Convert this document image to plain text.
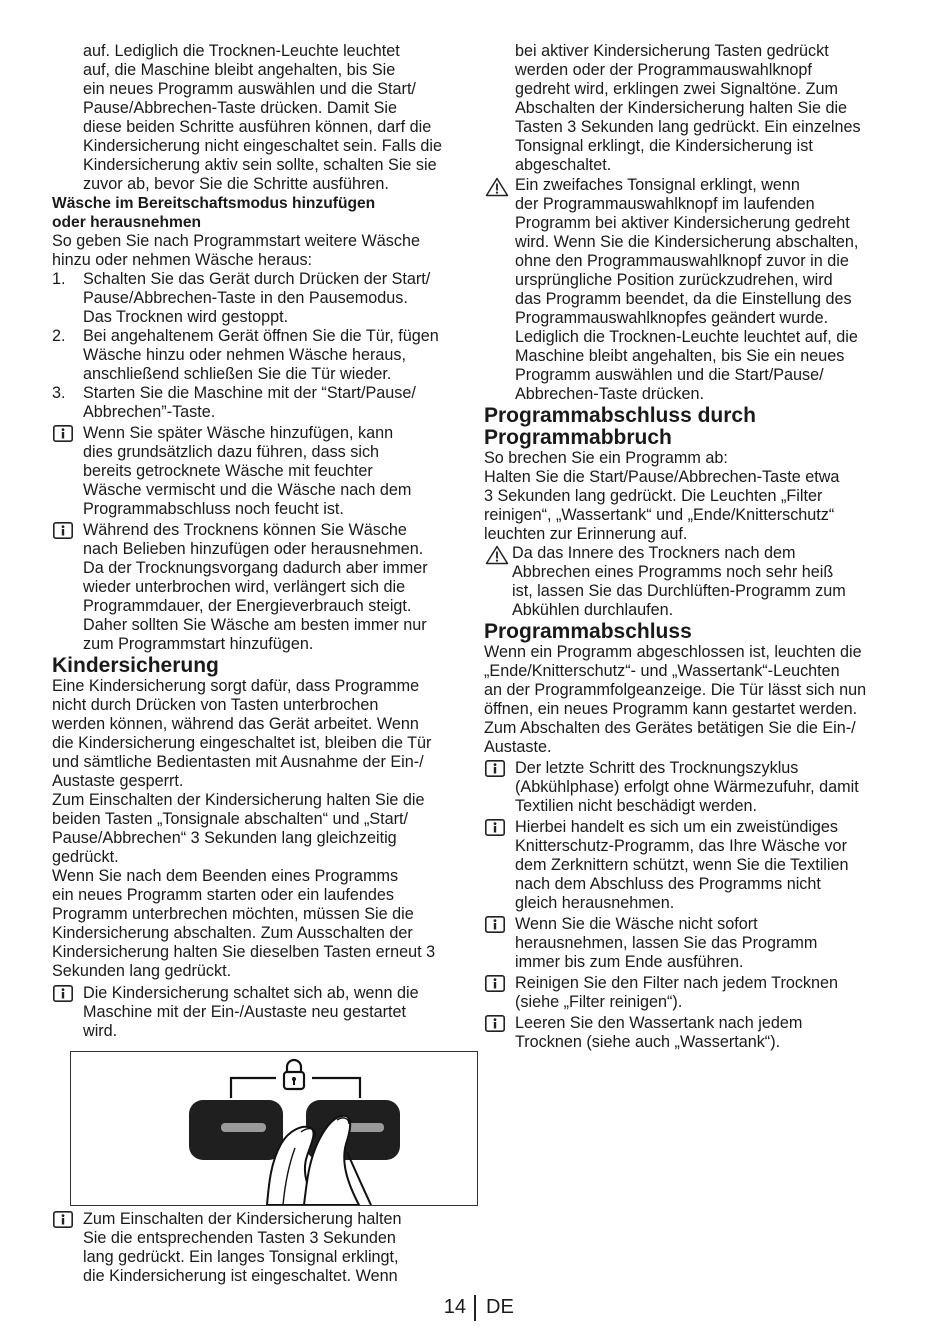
auf. Lediglich die Trocknen-Leuchte leuchtet
auf, die Maschine bleibt angehalten, bis Sie
ein neues Programm auswählen und die Start/
Pause/Abbrechen-Taste drücken. Damit Sie
diese beiden Schritte ausführen können, darf die
Kindersicherung nicht eingeschaltet sein. Falls die
Kindersicherung aktiv sein sollte, schalten Sie sie
zuvor ab, bevor Sie die Schritte ausführen.
Wäsche im Bereitschaftsmodus hinzufügen
oder herausnehmen
So geben Sie nach Programmstart weitere Wäsche
hinzu oder nehmen Wäsche heraus:
1.	Schalten Sie das Gerät durch Drücken der Start/
Pause/Abbrechen-Taste in den Pausemodus.
Das Trocknen wird gestoppt.
2.	Bei angehaltenem Gerät öffnen Sie die Tür, fügen
Wäsche hinzu oder nehmen Wäsche heraus,
anschließend schließen Sie die Tür wieder.
3.	Starten Sie die Maschine mit der “Start/Pause/
Abbrechen”-Taste.
Wenn Sie später Wäsche hinzufügen, kann
dies grundsätzlich dazu führen, dass sich
bereits getrocknete Wäsche mit feuchter
Wäsche vermischt und die Wäsche nach dem
Programmabschluss noch feucht ist.
Während des Trocknens können Sie Wäsche
nach Belieben hinzufügen oder herausnehmen.
Da der Trocknungsvorgang dadurch aber immer
wieder unterbrochen wird, verlängert sich die
Programmdauer, der Energieverbrauch steigt.
Daher sollten Sie Wäsche am besten immer nur
zum Programmstart hinzufügen.
Kindersicherung
Eine Kindersicherung sorgt dafür, dass Programme
nicht durch Drücken von Tasten unterbrochen
werden können, während das Gerät arbeitet. Wenn
die Kindersicherung eingeschaltet ist, bleiben die Tür
und sämtliche Bedientasten mit Ausnahme der Ein-/
Austaste gesperrt.
Zum Einschalten der Kindersicherung halten Sie die
beiden Tasten „Tonsignale abschalten“ und „Start/
Pause/Abbrechen“ 3 Sekunden lang gleichzeitig
gedrückt.
Wenn Sie nach dem Beenden eines Programms
ein neues Programm starten oder ein laufendes
Programm unterbrechen möchten, müssen Sie die
Kindersicherung abschalten. Zum Ausschalten der
Kindersicherung halten Sie dieselben Tasten erneut 3
Sekunden lang gedrückt.
Die Kindersicherung schaltet sich ab, wenn die
Maschine mit der Ein-/Austaste neu gestartet
wird.
Zum Einschalten der Kindersicherung halten
Sie die entsprechenden Tasten 3 Sekunden
lang gedrückt. Ein langes Tonsignal erklingt,
die Kindersicherung ist eingeschaltet. Wenn
bei aktiver Kindersicherung Tasten gedrückt
werden oder der Programmauswahlknopf
gedreht wird, erklingen zwei Signaltöne. Zum
Abschalten der Kindersicherung halten Sie die
Tasten 3 Sekunden lang gedrückt. Ein einzelnes
Tonsignal erklingt, die Kindersicherung ist
abgeschaltet.
Ein zweifaches Tonsignal erklingt, wenn
der Programmauswahlknopf im laufenden
Programm bei aktiver Kindersicherung gedreht
wird. Wenn Sie die Kindersicherung abschalten,
ohne den Programmauswahlknopf zuvor in die
ursprüngliche Position zurückzudrehen, wird
das Programm beendet, da die Einstellung des
Programmauswahlknopfes geändert wurde.
Lediglich die Trocknen-Leuchte leuchtet auf, die
Maschine bleibt angehalten, bis Sie ein neues
Programm auswählen und die Start/Pause/
Abbrechen-Taste drücken.
Programmabschluss durch
Programmabbruch
So brechen Sie ein Programm ab:
Halten Sie die Start/Pause/Abbrechen-Taste etwa
3 Sekunden lang gedrückt. Die Leuchten „Filter
reinigen“, „Wassertank“ und „Ende/Knitterschutz“
leuchten zur Erinnerung auf.
Da das Innere des Trockners nach dem
Abbrechen eines Programms noch sehr heiß
ist, lassen Sie das Durchlüften-Programm zum
Abkühlen durchlaufen.
Programmabschluss
Wenn ein Programm abgeschlossen ist, leuchten die
„Ende/Knitterschutz“- und „Wassertank“-Leuchten
an der Programmfolgeanzeige. Die Tür lässt sich nun
öffnen, ein neues Programm kann gestartet werden.
Zum Abschalten des Gerätes betätigen Sie die Ein-/
Austaste.
Der letzte Schritt des Trocknungszyklus
(Abkühlphase) erfolgt ohne Wärmezufuhr, damit
Textilien nicht beschädigt werden.
Hierbei handelt es sich um ein zweistündiges
Knitterschutz-Programm, das Ihre Wäsche vor
dem Zerknittern schützt, wenn Sie die Textilien
nach dem Abschluss des Programms nicht
gleich herausnehmen.
Wenn Sie die Wäsche nicht sofort
herausnehmen, lassen Sie das Programm
immer bis zum Ende ausführen.
Reinigen Sie den Filter nach jedem Trocknen
(siehe „Filter reinigen“).
Leeren Sie den Wassertank nach jedem
Trocknen (siehe auch „Wassertank“).
14 DE
